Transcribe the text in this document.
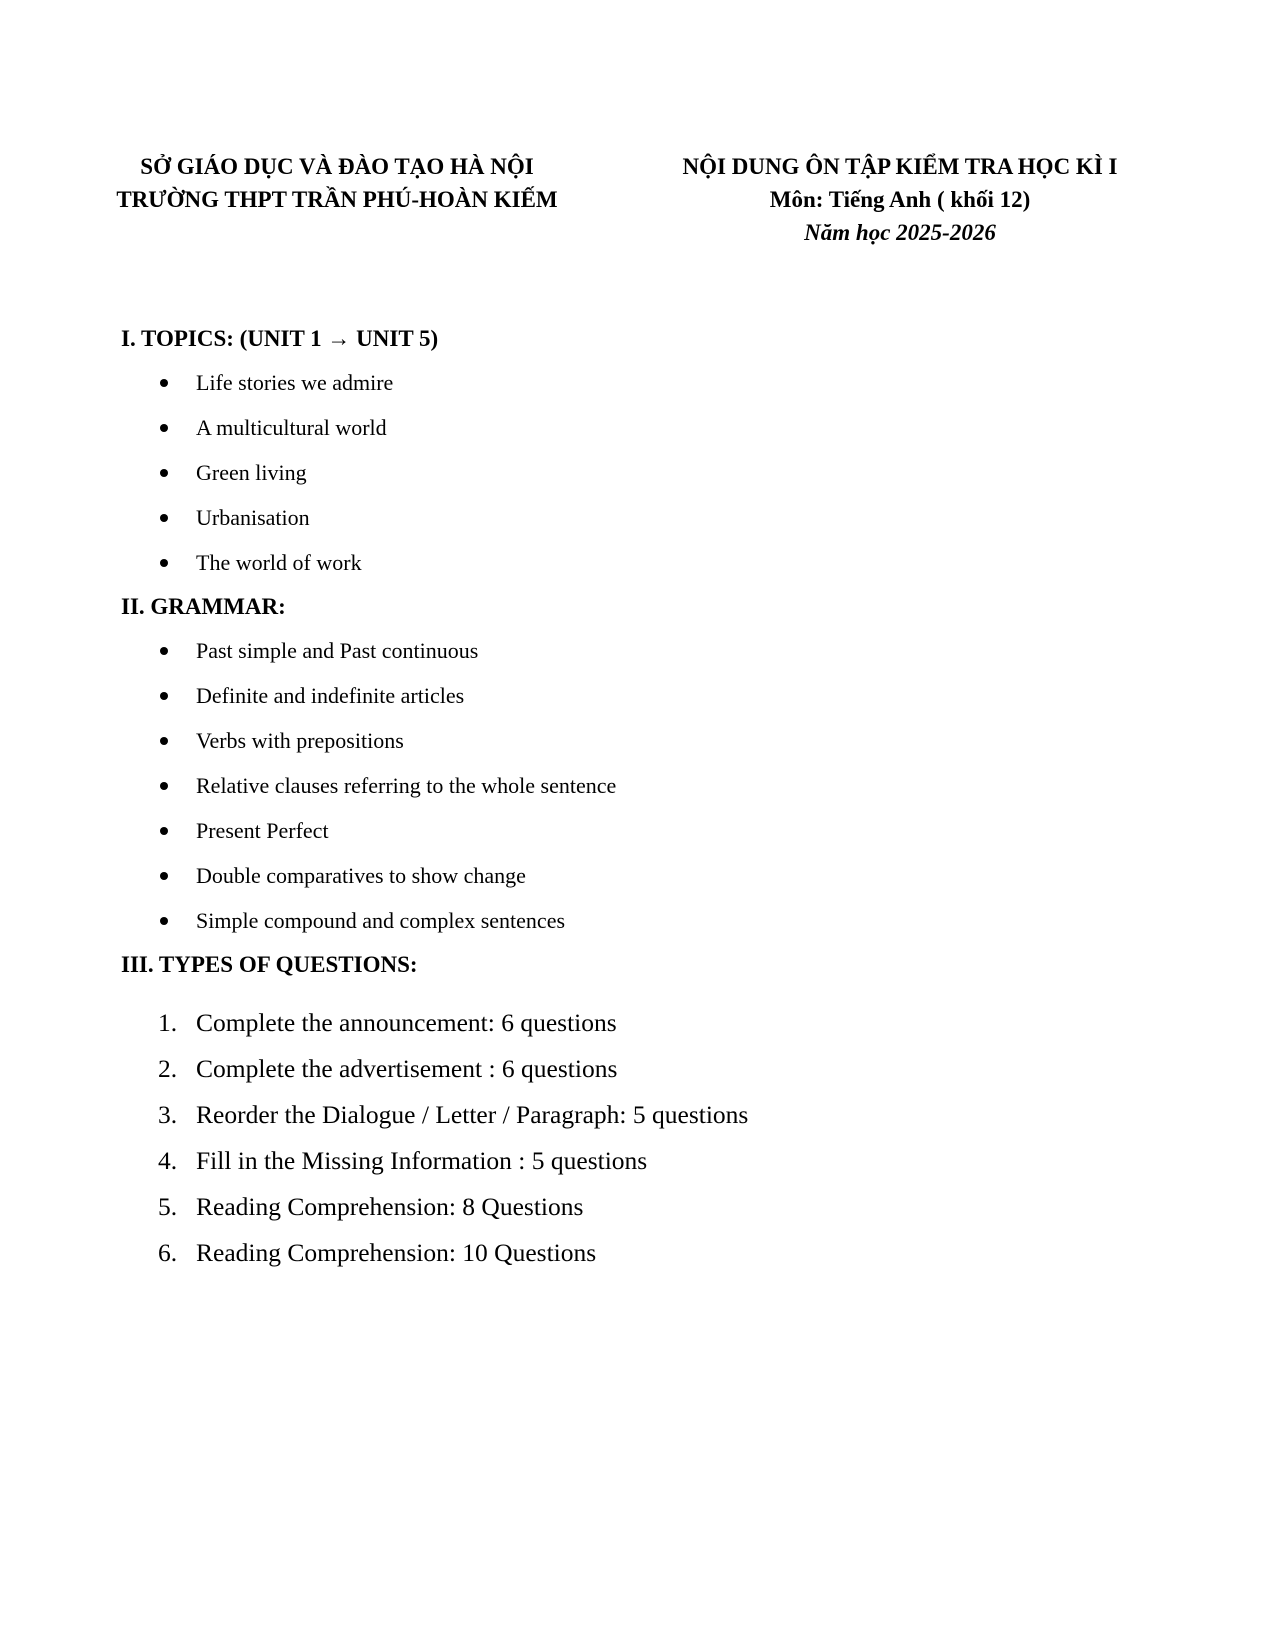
SỞ GIÁO DỤC VÀ ĐÀO TẠO HÀ NỘI
TRƯỜNG THPT TRẦN PHÚ-HOÀN KIẾM
NỘI DUNG ÔN TẬP KIỂM TRA HỌC KÌ I
Môn: Tiếng Anh ( khối 12)
Năm học 2025-2026
I. TOPICS: (UNIT 1 → UNIT 5)
Life stories we admire
A multicultural world
Green living
Urbanisation
The world of work
II. GRAMMAR:
Past simple and Past continuous
Definite and indefinite articles
Verbs with prepositions
Relative clauses referring to the whole sentence
Present Perfect
Double comparatives to show change
Simple compound and complex sentences
III. TYPES OF QUESTIONS:
1. Complete the announcement: 6 questions
2. Complete the advertisement : 6 questions
3. Reorder the Dialogue / Letter / Paragraph: 5 questions
4. Fill in the Missing Information : 5 questions
5. Reading Comprehension: 8 Questions
6. Reading Comprehension: 10 Questions
